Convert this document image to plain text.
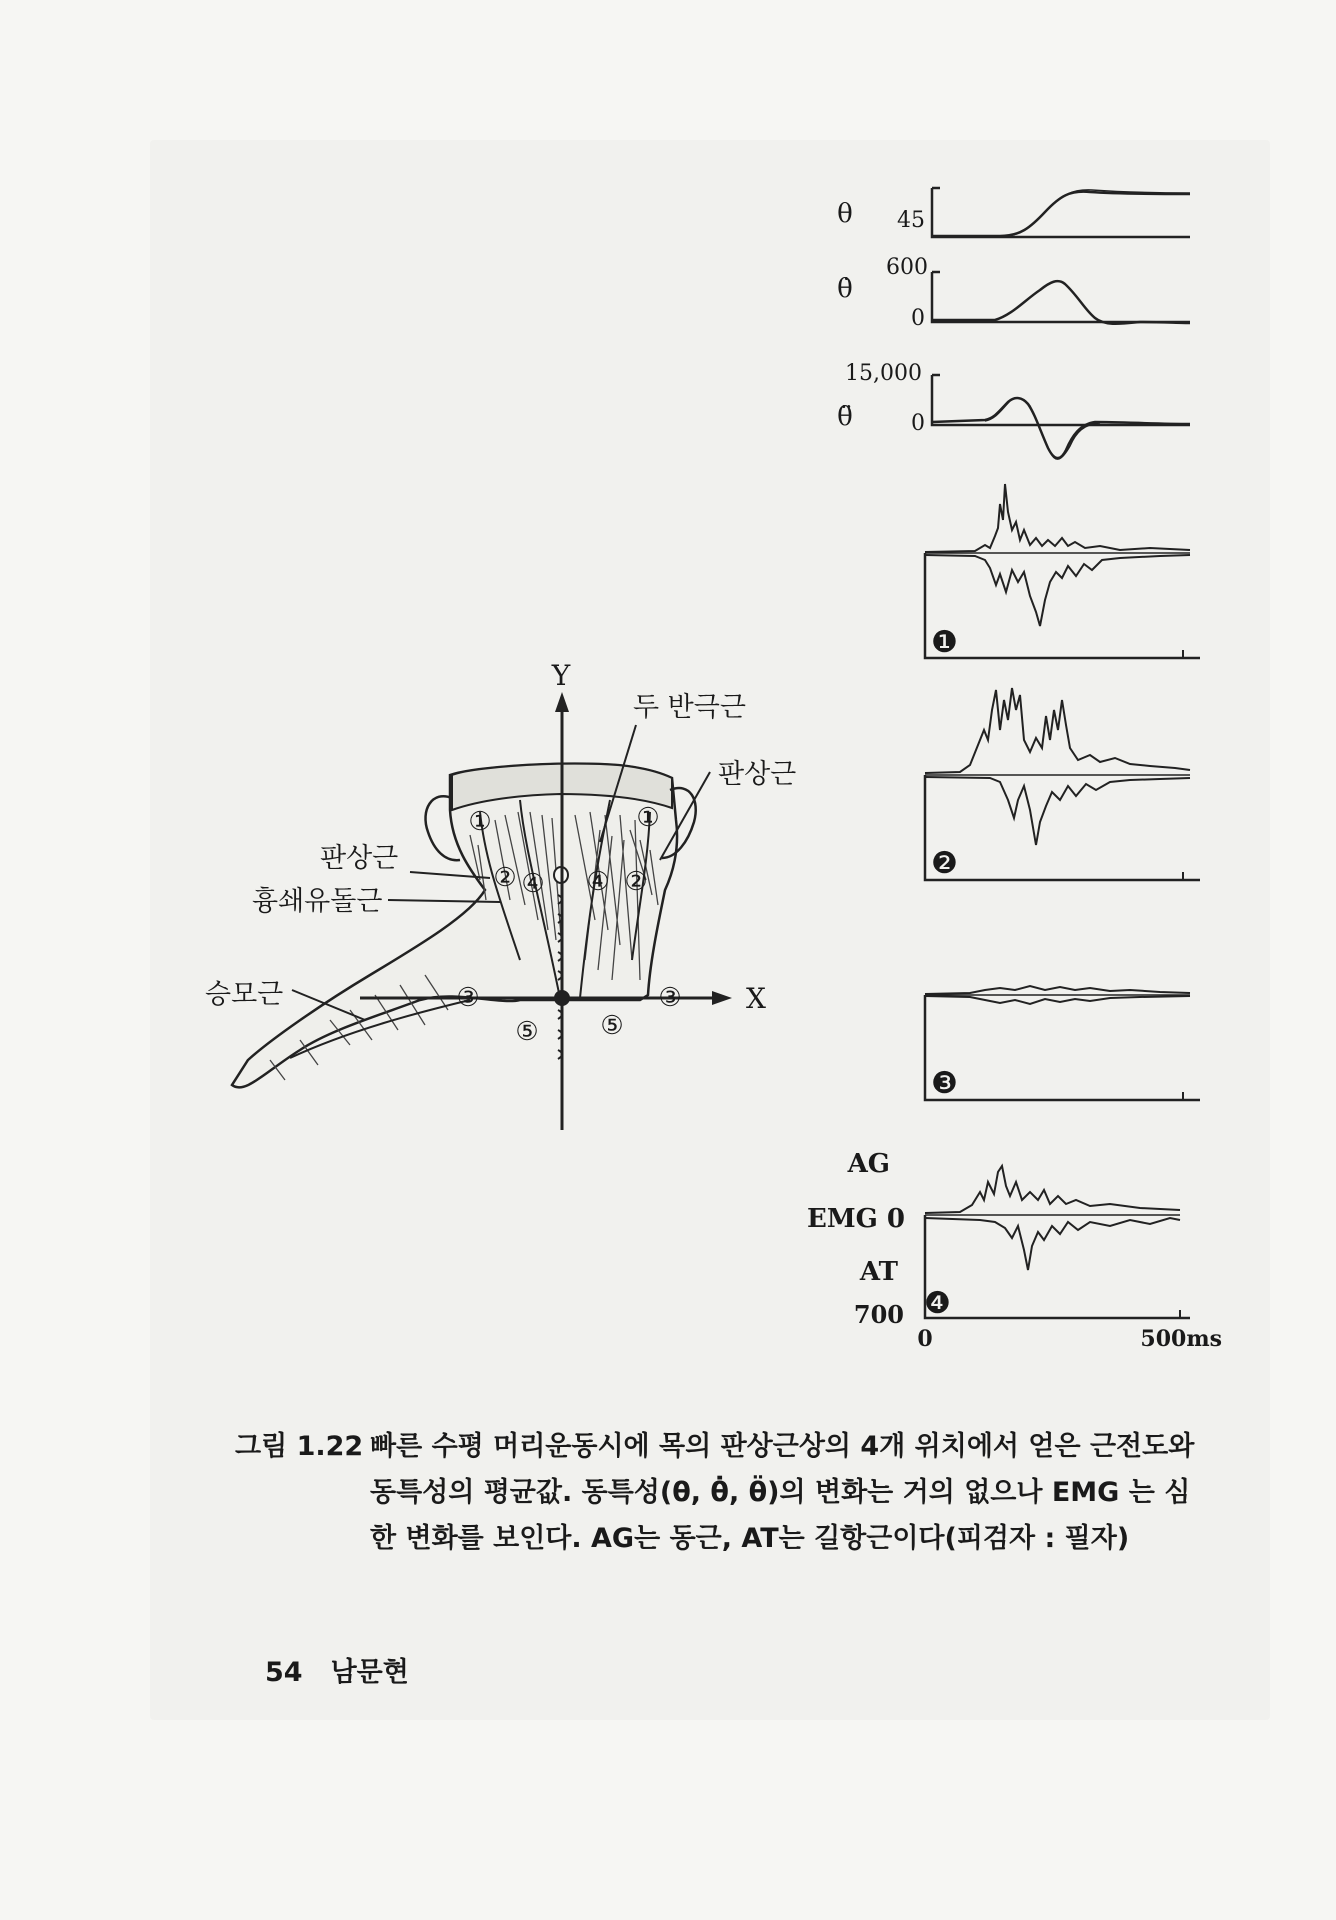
θ 45
θ̇
600
0
θ̈
15,000
0
❶
❷
❸
AG
EMG 0
AT
700 ❹
0	500ms
Y
X
①	①
② ④ ④ ②
③	③
⑤ ⑤
두 반극근
판상근
판상근
흉쇄유돌근
승모근
그림 1.22 빠른 수평 머리운동시에 목의 판상근상의 4개 위치에서 얻은 근전도와 동특성의 평균값. 동특성(θ, θ̇, θ̈)의 변화는 거의 없으나 EMG 는 심한 변화를 보인다. AG는 동근, AT는 길항근이다(피검자 : 필자)
54 남문현
